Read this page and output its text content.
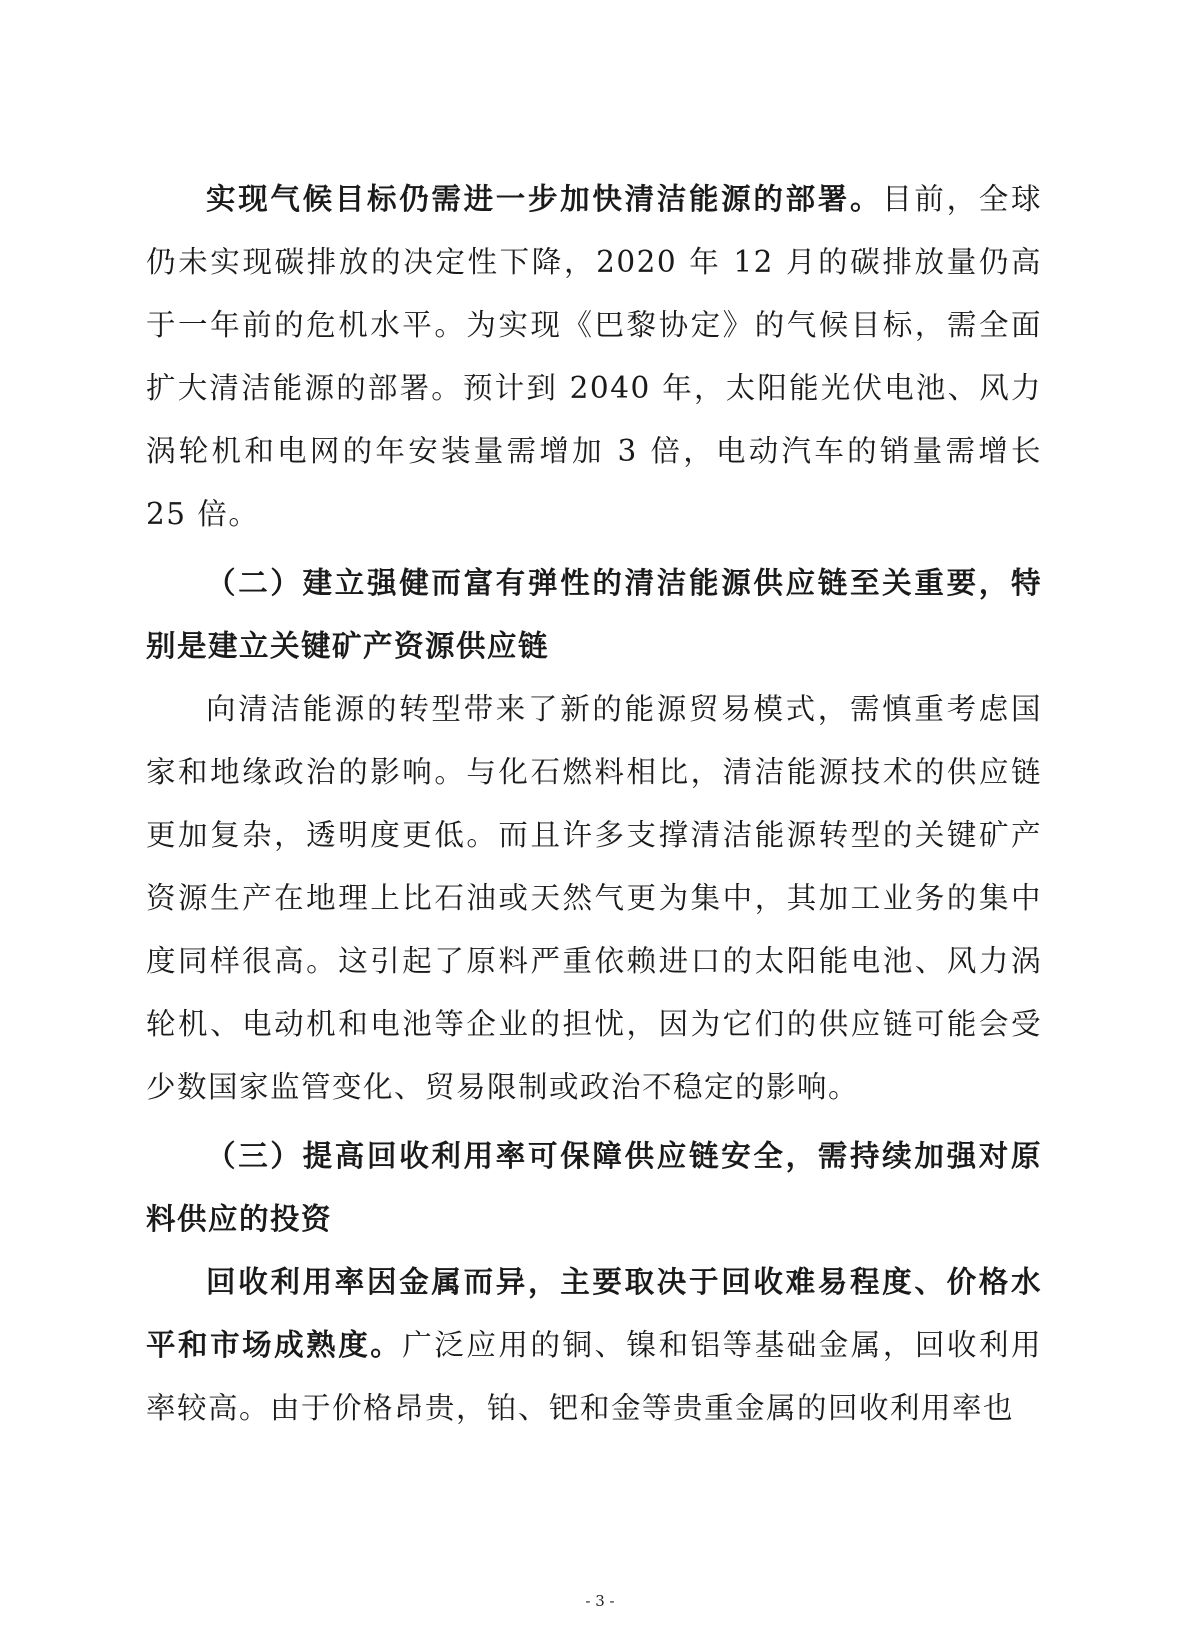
实现气候目标仍需进一步加快清洁能源的部署。目前，全球仍未实现碳排放的决定性下降，2020 年 12 月的碳排放量仍高于一年前的危机水平。为实现《巴黎协定》的气候目标，需全面扩大清洁能源的部署。预计到 2040 年，太阳能光伏电池、风力涡轮机和电网的年安装量需增加 3 倍，电动汽车的销量需增长 25 倍。

（二）建立强健而富有弹性的清洁能源供应链至关重要，特别是建立关键矿产资源供应链

向清洁能源的转型带来了新的能源贸易模式，需慎重考虑国家和地缘政治的影响。与化石燃料相比，清洁能源技术的供应链更加复杂，透明度更低。而且许多支撑清洁能源转型的关键矿产资源生产在地理上比石油或天然气更为集中，其加工业务的集中度同样很高。这引起了原料严重依赖进口的太阳能电池、风力涡轮机、电动机和电池等企业的担忧，因为它们的供应链可能会受少数国家监管变化、贸易限制或政治不稳定的影响。

（三）提高回收利用率可保障供应链安全，需持续加强对原料供应的投资

回收利用率因金属而异，主要取决于回收难易程度、价格水平和市场成熟度。广泛应用的铜、镍和铝等基础金属，回收利用率较高。由于价格昂贵，铂、钯和金等贵重金属的回收利用率也

- 3 -
